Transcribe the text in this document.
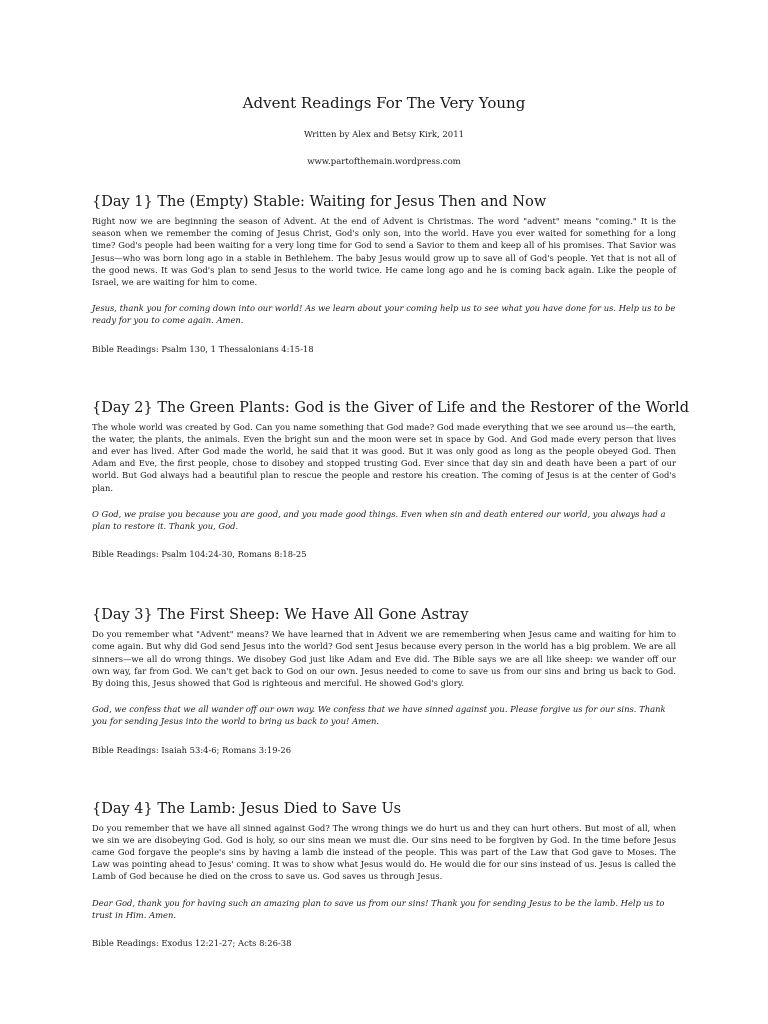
Advent Readings For The Very Young

Written by Alex and Betsy Kirk, 2011

www.partofthemain.wordpress.com

{Day 1} The (Empty) Stable: Waiting for Jesus Then and Now

Right now we are beginning the season of Advent. At the end of Advent is Christmas. The word "advent" means "coming." It is the season when we remember the coming of Jesus Christ, God's only son, into the world. Have you ever waited for something for a long time? God's people had been waiting for a very long time for God to send a Savior to them and keep all of his promises. That Savior was Jesus—who was born long ago in a stable in Bethlehem. The baby Jesus would grow up to save all of God's people. Yet that is not all of the good news. It was God's plan to send Jesus to the world twice. He came long ago and he is coming back again. Like the people of Israel, we are waiting for him to come.

Jesus, thank you for coming down into our world! As we learn about your coming help us to see what you have done for us. Help us to be ready for you to come again. Amen.

Bible Readings: Psalm 130, 1 Thessalonians 4:15-18

{Day 2} The Green Plants: God is the Giver of Life and the Restorer of the World

The whole world was created by God. Can you name something that God made? God made everything that we see around us—the earth, the water, the plants, the animals. Even the bright sun and the moon were set in space by God. And God made every person that lives and ever has lived. After God made the world, he said that it was good. But it was only good as long as the people obeyed God. Then Adam and Eve, the first people, chose to disobey and stopped trusting God. Ever since that day sin and death have been a part of our world. But God always had a beautiful plan to rescue the people and restore his creation. The coming of Jesus is at the center of God's plan.

O God, we praise you because you are good, and you made good things. Even when sin and death entered our world, you always had a plan to restore it. Thank you, God.

Bible Readings: Psalm 104:24-30, Romans 8:18-25

{Day 3} The First Sheep: We Have All Gone Astray

Do you remember what "Advent" means? We have learned that in Advent we are remembering when Jesus came and waiting for him to come again. But why did God send Jesus into the world? God sent Jesus because every person in the world has a big problem. We are all sinners—we all do wrong things. We disobey God just like Adam and Eve did. The Bible says we are all like sheep: we wander off our own way, far from God. We can't get back to God on our own. Jesus needed to come to save us from our sins and bring us back to God. By doing this, Jesus showed that God is righteous and merciful. He showed God's glory.

God, we confess that we all wander off our own way. We confess that we have sinned against you. Please forgive us for our sins. Thank you for sending Jesus into the world to bring us back to you! Amen.

Bible Readings: Isaiah 53:4-6; Romans 3:19-26

{Day 4} The Lamb: Jesus Died to Save Us

Do you remember that we have all sinned against God? The wrong things we do hurt us and they can hurt others. But most of all, when we sin we are disobeying God. God is holy, so our sins mean we must die. Our sins need to be forgiven by God. In the time before Jesus came God forgave the people's sins by having a lamb die instead of the people. This was part of the Law that God gave to Moses. The Law was pointing ahead to Jesus' coming. It was to show what Jesus would do. He would die for our sins instead of us. Jesus is called the Lamb of God because he died on the cross to save us. God saves us through Jesus.

Dear God, thank you for having such an amazing plan to save us from our sins! Thank you for sending Jesus to be the lamb. Help us to trust in Him. Amen.

Bible Readings: Exodus 12:21-27; Acts 8:26-38
